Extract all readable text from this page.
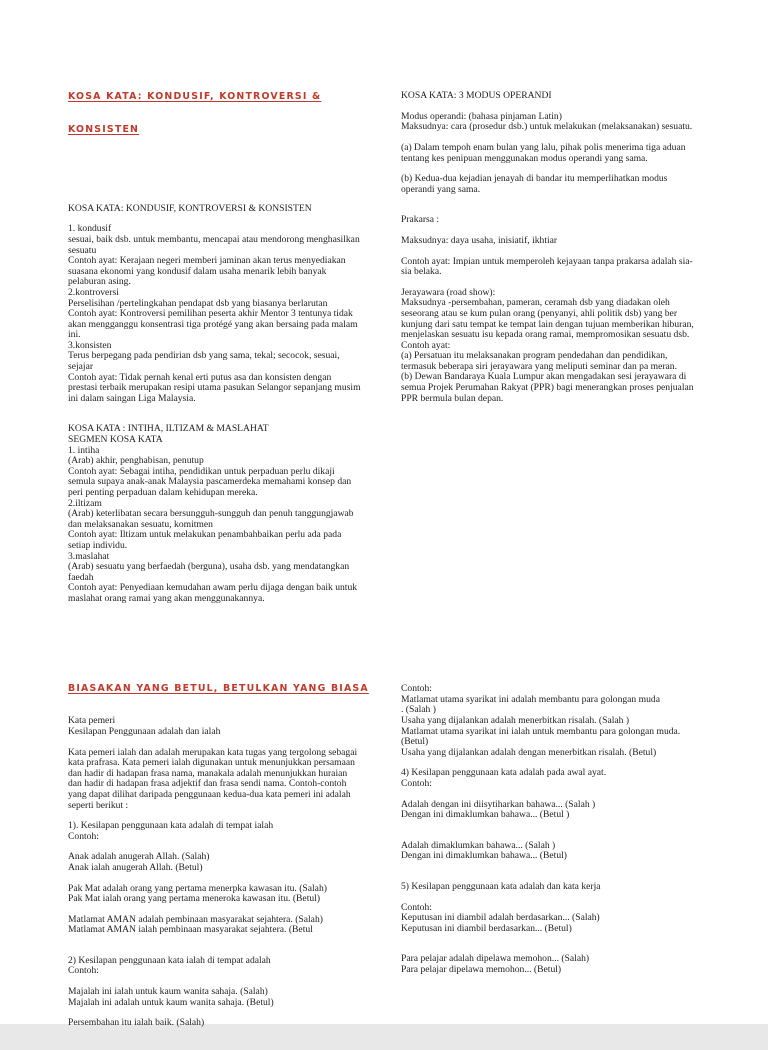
KOSA KATA: KONDUSIF, KONTROVERSI &

KONSISTEN

KOSA KATA: KONDUSIF, KONTROVERSI & KONSISTEN
1. kondusif
sesuai, baik dsb. untuk membantu, mencapai atau mendorong menghasilkan
sesuatu
Contoh ayat: Kerajaan negeri memberi jaminan akan terus menyediakan
suasana ekonomi yang kondusif dalam usaha menarik lebih banyak
pelaburan asing.
2.kontroversi
Perselisihan /pertelingkahan pendapat dsb yang biasanya berlarutan
Contoh ayat: Kontroversi pemilihan peserta akhir Mentor 3 tentunya tidak
akan mengganggu konsentrasi tiga protégé yang akan bersaing pada malam
ini.
3.konsisten
Terus berpegang pada pendirian dsb yang sama, tekal; secocok, sesuai,
sejajar
Contoh ayat: Tidak pernah kenal erti putus asa dan konsisten dengan
prestasi terbaik merupakan resipi utama pasukan Selangor sepanjang musim
ini dalam saingan Liga Malaysia.
KOSA KATA : INTIHA, ILTIZAM & MASLAHAT
SEGMEN KOSA KATA
1. intiha
(Arab) akhir, penghabisan, penutup
Contoh ayat: Sebagai intiha, pendidikan untuk perpaduan perlu dikaji
semula supaya anak-anak Malaysia pascamerdeka memahami konsep dan
peri penting perpaduan dalam kehidupan mereka.
2.iltizam
(Arab) keterlibatan secara bersungguh-sungguh dan penuh tanggungjawab
dan melaksanakan sesuatu, komitmen
Contoh ayat: Iltizam untuk melakukan penambahbaikan perlu ada pada
setiap individu.
3.maslahat
(Arab) sesuatu yang berfaedah (berguna), usaha dsb. yang mendatangkan
faedah
Contoh ayat: Penyediaan kemudahan awam perlu dijaga dengan baik untuk
maslahat orang ramai yang akan menggunakannya.

KOSA KATA: 3 MODUS OPERANDI
Modus operandi: (bahasa pinjaman Latin)
Maksudnya: cara (prosedur dsb.) untuk melakukan (melaksanakan) sesuatu.
(a) Dalam tempoh enam bulan yang lalu, pihak polis menerima tiga aduan
tentang kes penipuan menggunakan modus operandi yang sama.
(b) Kedua-dua kejadian jenayah di bandar itu memperlihatkan modus
operandi yang sama.
Prakarsa :
Maksudnya: daya usaha, inisiatif, ikhtiar
Contoh ayat: Impian untuk memperoleh kejayaan tanpa prakarsa adalah sia-
sia belaka.
Jerayawara (road show):
Maksudnya -persembahan, pameran, ceramah dsb yang diadakan oleh
seseorang atau se kum pulan orang (penyanyi, ahli politik dsb) yang ber
kunjung dari satu tempat ke tempat lain dengan tujuan memberikan hiburan,
menjelaskan sesuatu isu kepada orang ramai, mempromosikan sesuatu dsb.
Contoh ayat:
(a) Persatuan itu melaksanakan program pendedahan dan pendidikan,
termasuk beberapa siri jerayawara yang meliputi seminar dan pa meran.
(b) Dewan Bandaraya Kuala Lumpur akan mengadakan sesi jerayawara di
semua Projek Perumahan Rakyat (PPR) bagi menerangkan proses penjualan
PPR bermula bulan depan.

BIASAKAN YANG BETUL, BETULKAN YANG BIASA

Kata pemeri
Kesilapan Penggunaan adalah dan ialah
Kata pemeri ialah dan adalah merupakan kata tugas yang tergolong sebagai
kata prafrasa. Kata pemeri ialah digunakan untuk menunjukkan persamaan
dan hadir di hadapan frasa nama, manakala adalah menunjukkan huraian
dan hadir di hadapan frasa adjektif dan frasa sendi nama. Contoh-contoh
yang dapat dilihat daripada penggunaan kedua-dua kata pemeri ini adalah
seperti berikut :
1). Kesilapan penggunaan kata adalah di tempat ialah
Contoh:
Anak adalah anugerah Allah. (Salah)
Anak ialah anugerah Allah. (Betul)
Pak Mat adalah orang yang pertama menerpka kawasan itu. (Salah)
Pak Mat ialah orang yang pertama meneroka kawasan itu. (Betul)
Matlamat AMAN adalah pembinaan masyarakat sejahtera. (Salah)
Matlamat AMAN ialah pembinaan masyarakat sejahtera. (Betul
2) Kesilapan penggunaan kata ialah di tempat adalah
Contoh:
Majalah ini ialah untuk kaum wanita sahaja. (Salah)
Majalah ini adalah untuk kaum wanita sahaja. (Betul)
Persembahan itu ialah baik. (Salah)

Contoh:
Matlamat utama syarikat ini adalah membantu para golongan muda
. (Salah )
Usaha yang dijalankan adalah menerbitkan risalah. (Salah )
Matlamat utama syarikat ini ialah untuk membantu para golongan muda.
(Betul)
Usaha yang dijalankan adalah dengan menerbitkan risalah. (Betul)
4) Kesilapan penggunaan kata adalah pada awal ayat.
Contoh:
Adalah dengan ini diisytiharkan bahawa... (Salah )
Dengan ini dimaklumkan bahawa... (Betul )
Adalah dimaklumkan bahawa... (Salah )
Dengan ini dimaklumkan bahawa... (Betul)
5) Kesilapan penggunaan kata adalah dan kata kerja
Contoh:
Keputusan ini diambil adalah berdasarkan... (Salah)
Keputusan ini diambil berdasarkan... (Betul)
Para pelajar adalah dipelawa memohon... (Salah)
Para pelajar dipelawa memohon... (Betul)
